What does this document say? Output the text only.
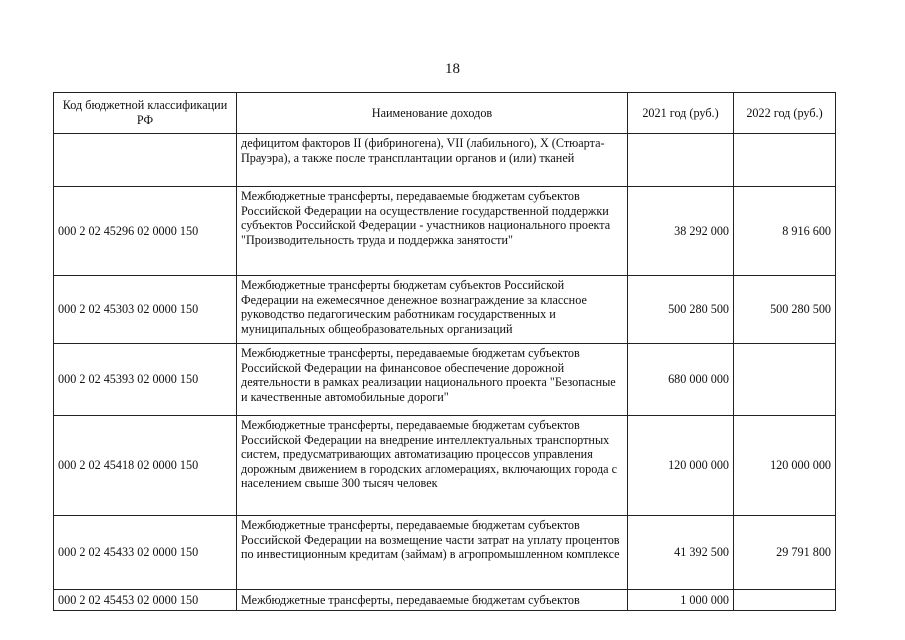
18
Код бюджетной классификации РФ	Наименование доходов	2021 год (руб.)	2022 год (руб.)
	дефицитом факторов II (фибриногена), VII (лабильного), X (Стюарта-Прауэра), а также после трансплантации органов и (или) тканей		
000 2 02 45296 02 0000 150	Межбюджетные трансферты, передаваемые бюджетам субъектов Российской Федерации на осуществление государственной поддержки субъектов Российской Федерации - участников национального проекта "Производительность труда и поддержка занятости"	38 292 000	8 916 600
000 2 02 45303 02 0000 150	Межбюджетные трансферты бюджетам субъектов Российской Федерации на ежемесячное денежное вознаграждение за классное руководство педагогическим работникам государственных и муниципальных общеобразовательных организаций	500 280 500	500 280 500
000 2 02 45393 02 0000 150	Межбюджетные трансферты, передаваемые бюджетам субъектов Российской Федерации на финансовое обеспечение дорожной деятельности в рамках реализации национального проекта "Безопасные и качественные автомобильные дороги"	680 000 000	
000 2 02 45418 02 0000 150	Межбюджетные трансферты, передаваемые бюджетам субъектов Российской Федерации на внедрение интеллектуальных транспортных систем, предусматривающих автоматизацию процессов управления дорожным движением в городских агломерациях, включающих города с населением свыше 300 тысяч человек	120 000 000	120 000 000
000 2 02 45433 02 0000 150	Межбюджетные трансферты, передаваемые бюджетам субъектов Российской Федерации на возмещение части затрат на уплату процентов по инвестиционным кредитам (займам) в агропромышленном комплексе	41 392 500	29 791 800
000 2 02 45453 02 0000 150	Межбюджетные трансферты, передаваемые бюджетам субъектов	1 000 000	
